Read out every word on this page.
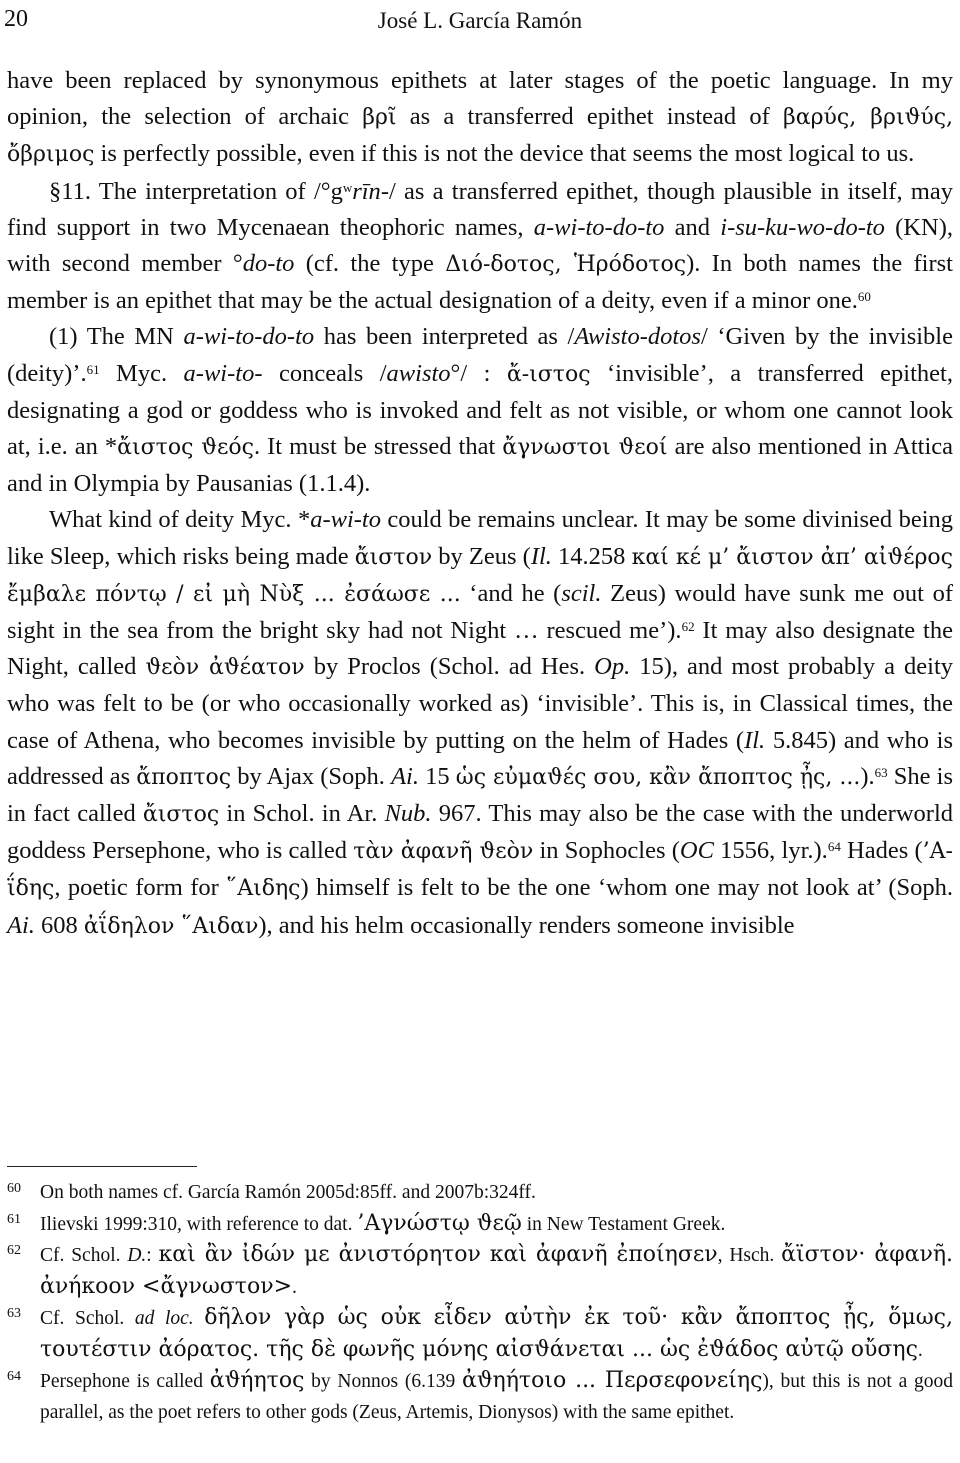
20	José L. García Ramón

have been replaced by synonymous epithets at later stages of the poetic language. In my opinion, the selection of archaic βρῖ as a transferred epithet instead of βαρύς, βριϑύς, ὄβριμος is perfectly possible, even if this is not the device that seems the most logical to us.

§11. The interpretation of $/^\circ g^wrīn-/$ as a transferred epithet, though plausible in itself, may find support in two Mycenaean theophoric names, a-wi-to-do-to and i-su-ku-wo-do-to (KN), with second member °do-to (cf. the type Διό-δοτος, Ἡρόδοτος). In both names the first member is an epithet that may be the actual designation of a deity, even if a minor one.$^{60}$

(1) The MN a-wi-to-do-to has been interpreted as /Awisto-dotos/ ‘Given by the invisible (deity)’.$^{61}$ Myc. a-wi-to- conceals /awisto°/ : ἄ-ιστος ‘invisible’, a transferred epithet, designating a god or goddess who is invoked and felt as not visible, or whom one cannot look at, i.e. an *ἄιστος ϑεός. It must be stressed that ἄγνωστοι ϑεοί are also mentioned in Attica and in Olympia by Pausanias (1.1.4).

What kind of deity Myc. *a-wi-to could be remains unclear. It may be some divinised being like Sleep, which risks being made ἄιστον by Zeus (Il. 14.258 καί κέ μ’ ἄιστον ἀπ’ αἰϑέρος ἔμβαλε πόντῳ / εἰ μὴ Νὺξ ... ἐσάωσε ... ‘and he (scil. Zeus) would have sunk me out of sight in the sea from the bright sky had not Night … rescued me’).$^{62}$ It may also designate the Night, called ϑεὸν ἀϑέατον by Proclos (Schol. ad Hes. Op. 15), and most probably a deity who was felt to be (or who occasionally worked as) ‘invisible’. This is, in Classical times, the case of Athena, who becomes invisible by putting on the helm of Hades (Il. 5.845) and who is addressed as ἄποπτος by Ajax (Soph. Ai. 15 ὡς εὐμαϑές σου, κἂν ἄποπτος ᾖς, ...).$^{63}$ She is in fact called ἄιστος in Schol. in Ar. Nub. 967. This may also be the case with the underworld goddess Persephone, who is called τὰν ἀφανῆ ϑεὸν in Sophocles (OC 1556, lyr.).$^{64}$ Hades (’Α-ΐδης, poetic form for ῞Αιδης) himself is felt to be the one ‘whom one may not look at’ (Soph. Ai. 608 ἀΐδηλον ῞Αιδαν), and his helm occasionally renders someone invisible

60 On both names cf. García Ramón 2005d:85ff. and 2007b:324ff.
61 Ilievski 1999:310, with reference to dat. ’Αγνώστῳ ϑεῷ in New Testament Greek.
62 Cf. Schol. D.: καὶ ἂν ἰδών με ἀνιστόρητον καὶ ἀφανῆ ἐποίησεν, Hsch. ἄϊστον· ἀφανῆ. ἀνήκοον <ἄγνωστον>.
63 Cf. Schol. ad loc. δῆλον γὰρ ὡς οὐκ εἶδεν αὐτὴν ἐκ τοῦ· κἂν ἄποπτος ᾖς, ὅμως, τουτέστιν ἀόρατος. τῆς δὲ φωνῆς μόνης αἰσϑάνεται ... ὡς ἐϑάδος αὐτῷ οὔσης.
64 Persephone is called ἀϑήητος by Nonnos (6.139 ἀϑηήτοιο ... Περσεφονείης), but this is not a good parallel, as the poet refers to other gods (Zeus, Artemis, Dionysos) with the same epithet.
